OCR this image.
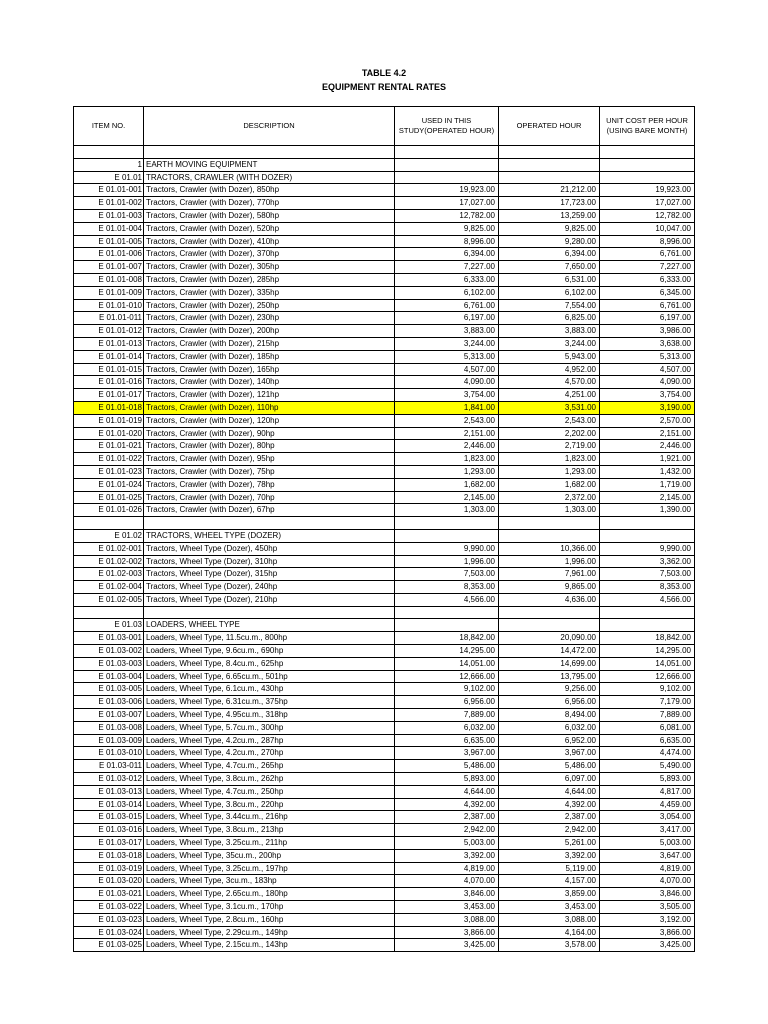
TABLE 4.2
EQUIPMENT RENTAL RATES
ITEM NO.	DESCRIPTION	USED IN THIS STUDY(OPERATED HOUR)	OPERATED HOUR	UNIT COST PER HOUR (USING BARE MONTH)

1	EARTH MOVING EQUIPMENT			
E 01.01	TRACTORS, CRAWLER (WITH DOZER)			
E 01.01-001	Tractors, Crawler (with Dozer), 850hp	19,923.00	21,212.00	19,923.00
E 01.01-002	Tractors, Crawler (with Dozer), 770hp	17,027.00	17,723.00	17,027.00
E 01.01-003	Tractors, Crawler (with Dozer), 580hp	12,782.00	13,259.00	12,782.00
E 01.01-004	Tractors, Crawler (with Dozer), 520hp	9,825.00	9,825.00	10,047.00
E 01.01-005	Tractors, Crawler (with Dozer), 410hp	8,996.00	9,280.00	8,996.00
E 01.01-006	Tractors, Crawler (with Dozer), 370hp	6,394.00	6,394.00	6,761.00
E 01.01-007	Tractors, Crawler (with Dozer), 305hp	7,227.00	7,650.00	7,227.00
E 01.01-008	Tractors, Crawler (with Dozer), 285hp	6,333.00	6,531.00	6,333.00
E 01.01-009	Tractors, Crawler (with Dozer), 335hp	6,102.00	6,102.00	6,345.00
E 01.01-010	Tractors, Crawler (with Dozer), 250hp	6,761.00	7,554.00	6,761.00
E 01.01-011	Tractors, Crawler (with Dozer), 230hp	6,197.00	6,825.00	6,197.00
E 01.01-012	Tractors, Crawler (with Dozer), 200hp	3,883.00	3,883.00	3,986.00
E 01.01-013	Tractors, Crawler (with Dozer), 215hp	3,244.00	3,244.00	3,638.00
E 01.01-014	Tractors, Crawler (with Dozer), 185hp	5,313.00	5,943.00	5,313.00
E 01.01-015	Tractors, Crawler (with Dozer), 165hp	4,507.00	4,952.00	4,507.00
E 01.01-016	Tractors, Crawler (with Dozer), 140hp	4,090.00	4,570.00	4,090.00
E 01.01-017	Tractors, Crawler (with Dozer), 121hp	3,754.00	4,251.00	3,754.00
E 01.01-018	Tractors, Crawler (with Dozer), 110hp	1,841.00	3,531.00	3,190.00
E 01.01-019	Tractors, Crawler (with Dozer), 120hp	2,543.00	2,543.00	2,570.00
E 01.01-020	Tractors, Crawler (with Dozer), 90hp	2,151.00	2,202.00	2,151.00
E 01.01-021	Tractors, Crawler (with Dozer), 80hp	2,446.00	2,719.00	2,446.00
E 01.01-022	Tractors, Crawler (with Dozer), 95hp	1,823.00	1,823.00	1,921.00
E 01.01-023	Tractors, Crawler (with Dozer), 75hp	1,293.00	1,293.00	1,432.00
E 01.01-024	Tractors, Crawler (with Dozer), 78hp	1,682.00	1,682.00	1,719.00
E 01.01-025	Tractors, Crawler (with Dozer), 70hp	2,145.00	2,372.00	2,145.00
E 01.01-026	Tractors, Crawler (with Dozer), 67hp	1,303.00	1,303.00	1,390.00

E 01.02	TRACTORS, WHEEL TYPE (DOZER)			
E 01.02-001	Tractors, Wheel Type (Dozer), 450hp	9,990.00	10,366.00	9,990.00
E 01.02-002	Tractors, Wheel Type (Dozer), 310hp	1,996.00	1,996.00	3,362.00
E 01.02-003	Tractors, Wheel Type (Dozer), 315hp	7,503.00	7,961.00	7,503.00
E 01.02-004	Tractors, Wheel Type (Dozer), 240hp	8,353.00	9,865.00	8,353.00
E 01.02-005	Tractors, Wheel Type (Dozer), 210hp	4,566.00	4,636.00	4,566.00

E 01.03	LOADERS, WHEEL TYPE			
E 01.03-001	Loaders, Wheel Type, 11.5cu.m., 800hp	18,842.00	20,090.00	18,842.00
E 01.03-002	Loaders, Wheel Type, 9.6cu.m., 690hp	14,295.00	14,472.00	14,295.00
E 01.03-003	Loaders, Wheel Type, 8.4cu.m., 625hp	14,051.00	14,699.00	14,051.00
E 01.03-004	Loaders, Wheel Type, 6.65cu.m., 501hp	12,666.00	13,795.00	12,666.00
E 01.03-005	Loaders, Wheel Type, 6.1cu.m., 430hp	9,102.00	9,256.00	9,102.00
E 01.03-006	Loaders, Wheel Type, 6.31cu.m., 375hp	6,956.00	6,956.00	7,179.00
E 01.03-007	Loaders, Wheel Type, 4.95cu.m., 318hp	7,889.00	8,494.00	7,889.00
E 01.03-008	Loaders, Wheel Type, 5.7cu.m., 300hp	6,032.00	6,032.00	6,081.00
E 01.03-009	Loaders, Wheel Type, 4.2cu.m., 287hp	6,635.00	6,952.00	6,635.00
E 01.03-010	Loaders, Wheel Type, 4.2cu.m., 270hp	3,967.00	3,967.00	4,474.00
E 01.03-011	Loaders, Wheel Type, 4.7cu.m., 265hp	5,486.00	5,486.00	5,490.00
E 01.03-012	Loaders, Wheel Type, 3.8cu.m., 262hp	5,893.00	6,097.00	5,893.00
E 01.03-013	Loaders, Wheel Type, 4.7cu.m., 250hp	4,644.00	4,644.00	4,817.00
E 01.03-014	Loaders, Wheel Type, 3.8cu.m., 220hp	4,392.00	4,392.00	4,459.00
E 01.03-015	Loaders, Wheel Type, 3.44cu.m., 216hp	2,387.00	2,387.00	3,054.00
E 01.03-016	Loaders, Wheel Type, 3.8cu.m., 213hp	2,942.00	2,942.00	3,417.00
E 01.03-017	Loaders, Wheel Type, 3.25cu.m., 211hp	5,003.00	5,261.00	5,003.00
E 01.03-018	Loaders, Wheel Type, 35cu.m., 200hp	3,392.00	3,392.00	3,647.00
E 01.03-019	Loaders, Wheel Type, 3.25cu.m., 197hp	4,819.00	5,119.00	4,819.00
E 01.03-020	Loaders, Wheel Type, 3cu.m., 183hp	4,070.00	4,157.00	4,070.00
E 01.03-021	Loaders, Wheel Type, 2.65cu.m., 180hp	3,846.00	3,859.00	3,846.00
E 01.03-022	Loaders, Wheel Type, 3.1cu.m., 170hp	3,453.00	3,453.00	3,505.00
E 01.03-023	Loaders, Wheel Type, 2.8cu.m., 160hp	3,088.00	3,088.00	3,192.00
E 01.03-024	Loaders, Wheel Type, 2.29cu.m., 149hp	3,866.00	4,164.00	3,866.00
E 01.03-025	Loaders, Wheel Type, 2.15cu.m., 143hp	3,425.00	3,578.00	3,425.00
